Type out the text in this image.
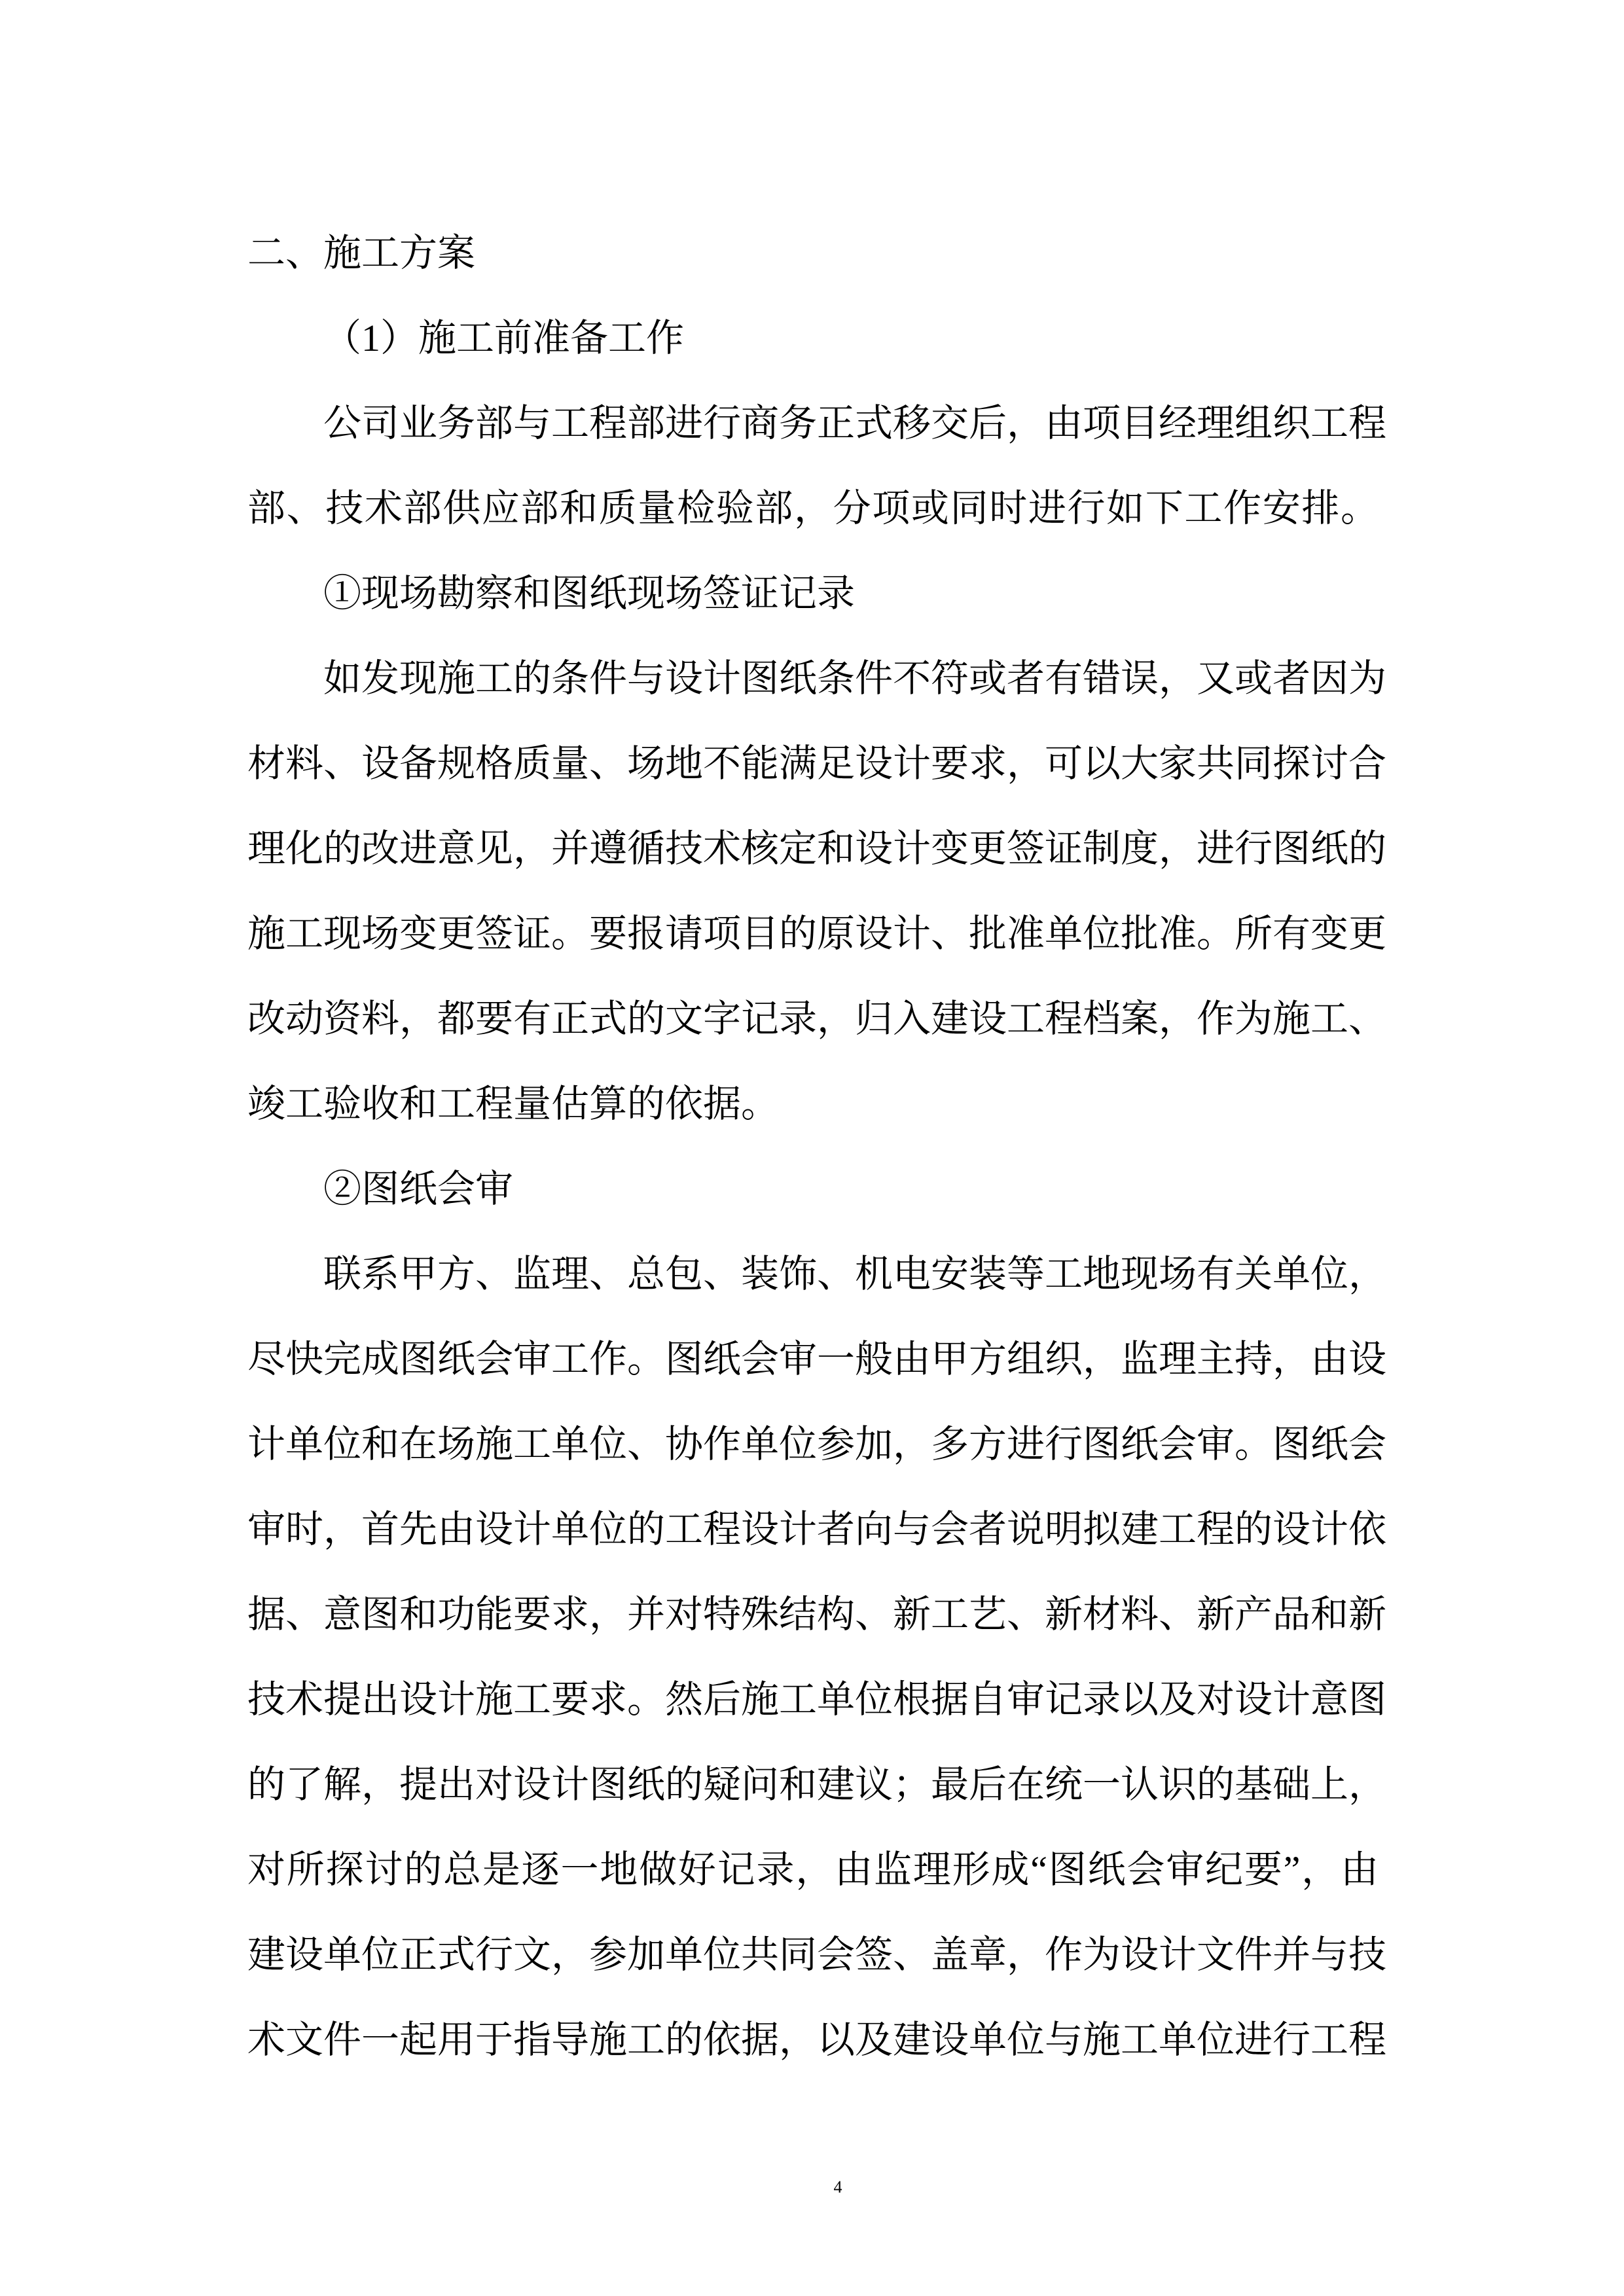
二、施工方案
（1）施工前准备工作
公司业务部与工程部进行商务正式移交后，由项目经理组织工程
部、技术部供应部和质量检验部，分项或同时进行如下工作安排。
①现场勘察和图纸现场签证记录
如发现施工的条件与设计图纸条件不符或者有错误，又或者因为
材料、设备规格质量、场地不能满足设计要求，可以大家共同探讨合
理化的改进意见，并遵循技术核定和设计变更签证制度，进行图纸的
施工现场变更签证。要报请项目的原设计、批准单位批准。所有变更
改动资料，都要有正式的文字记录，归入建设工程档案，作为施工、
竣工验收和工程量估算的依据。
②图纸会审
联系甲方、监理、总包、装饰、机电安装等工地现场有关单位，
尽快完成图纸会审工作。图纸会审一般由甲方组织，监理主持，由设
计单位和在场施工单位、协作单位参加，多方进行图纸会审。图纸会
审时，首先由设计单位的工程设计者向与会者说明拟建工程的设计依
据、意图和功能要求，并对特殊结构、新工艺、新材料、新产品和新
技术提出设计施工要求。然后施工单位根据自审记录以及对设计意图
的了解，提出对设计图纸的疑问和建议；最后在统一认识的基础上，
对所探讨的总是逐一地做好记录，由监理形成“图纸会审纪要”，由
建设单位正式行文，参加单位共同会签、盖章，作为设计文件并与技
术文件一起用于指导施工的依据，以及建设单位与施工单位进行工程
4
